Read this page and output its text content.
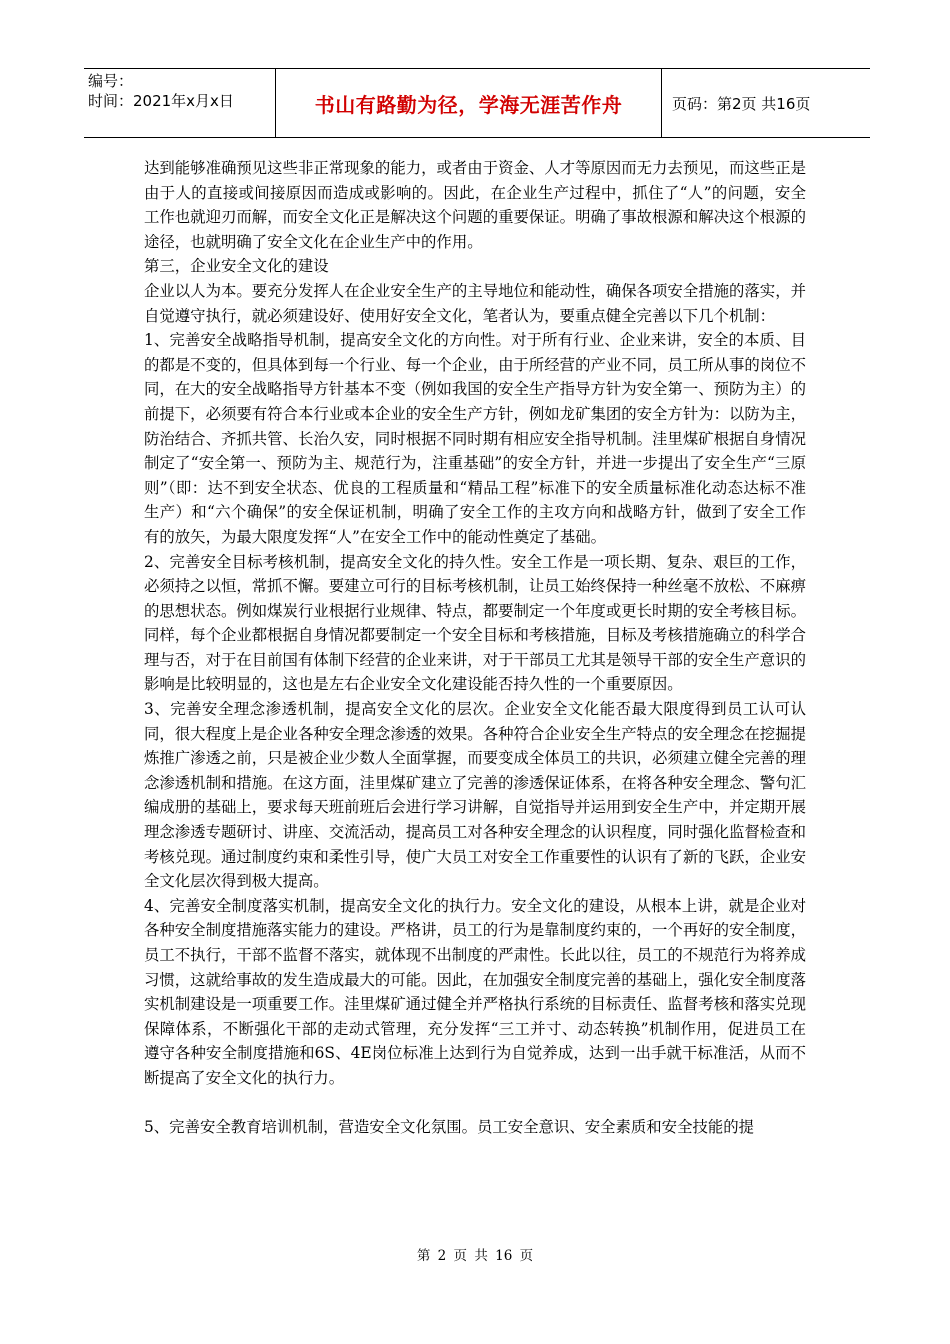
编号：
时间：2021年x月x日	书山有路勤为径，学海无涯苦作舟	页码：第2页 共16页

达到能够准确预见这些非正常现象的能力，或者由于资金、人才等原因而无力去预见，而这些正是由于人的直接或间接原因而造成或影响的。因此，在企业生产过程中，抓住了“人”的问题，安全工作也就迎刃而解，而安全文化正是解决这个问题的重要保证。明确了事故根源和解决这个根源的途径，也就明确了安全文化在企业生产中的作用。

第三，企业安全文化的建设

企业以人为本。要充分发挥人在企业安全生产的主导地位和能动性，确保各项安全措施的落实，并自觉遵守执行，就必须建设好、使用好安全文化，笔者认为，要重点健全完善以下几个机制：

1、完善安全战略指导机制，提高安全文化的方向性。对于所有行业、企业来讲，安全的本质、目的都是不变的，但具体到每一个行业、每一个企业，由于所经营的产业不同，员工所从事的岗位不同，在大的安全战略指导方针基本不变（例如我国的安全生产指导方针为安全第一、预防为主）的前提下，必须要有符合本行业或本企业的安全生产方针，例如龙矿集团的安全方针为：以防为主，防治结合、齐抓共管、长治久安，同时根据不同时期有相应安全指导机制。洼里煤矿根据自身情况制定了“安全第一、预防为主、规范行为，注重基础”的安全方针，并进一步提出了安全生产“三原则”（即：达不到安全状态、优良的工程质量和“精品工程”标准下的安全质量标准化动态达标不准生产）和“六个确保”的安全保证机制，明确了安全工作的主攻方向和战略方针，做到了安全工作有的放矢，为最大限度发挥“人”在安全工作中的能动性奠定了基础。

2、完善安全目标考核机制，提高安全文化的持久性。安全工作是一项长期、复杂、艰巨的工作，必须持之以恒，常抓不懈。要建立可行的目标考核机制，让员工始终保持一种丝毫不放松、不麻痹的思想状态。例如煤炭行业根据行业规律、特点，都要制定一个年度或更长时期的安全考核目标。同样，每个企业都根据自身情况都要制定一个安全目标和考核措施，目标及考核措施确立的科学合理与否，对于在目前国有体制下经营的企业来讲，对于干部员工尤其是领导干部的安全生产意识的影响是比较明显的，这也是左右企业安全文化建设能否持久性的一个重要原因。

3、完善安全理念渗透机制，提高安全文化的层次。企业安全文化能否最大限度得到员工认可认同，很大程度上是企业各种安全理念渗透的效果。各种符合企业安全生产特点的安全理念在挖掘提炼推广渗透之前，只是被企业少数人全面掌握，而要变成全体员工的共识，必须建立健全完善的理念渗透机制和措施。在这方面，洼里煤矿建立了完善的渗透保证体系，在将各种安全理念、警句汇编成册的基础上，要求每天班前班后会进行学习讲解，自觉指导并运用到安全生产中，并定期开展理念渗透专题研讨、讲座、交流活动，提高员工对各种安全理念的认识程度，同时强化监督检查和考核兑现。通过制度约束和柔性引导，使广大员工对安全工作重要性的认识有了新的飞跃，企业安全文化层次得到极大提高。

4、完善安全制度落实机制，提高安全文化的执行力。安全文化的建设，从根本上讲，就是企业对各种安全制度措施落实能力的建设。严格讲，员工的行为是靠制度约束的，一个再好的安全制度，员工不执行，干部不监督不落实，就体现不出制度的严肃性。长此以往，员工的不规范行为将养成习惯，这就给事故的发生造成最大的可能。因此，在加强安全制度完善的基础上，强化安全制度落实机制建设是一项重要工作。洼里煤矿通过健全并严格执行系统的目标责任、监督考核和落实兑现保障体系，不断强化干部的走动式管理，充分发挥“三工并寸、动态转换”机制作用，促进员工在遵守各种安全制度措施和6S、4E岗位标准上达到行为自觉养成，达到一出手就干标准活，从而不断提高了安全文化的执行力。

5、完善安全教育培训机制，营造安全文化氛围。员工安全意识、安全素质和安全技能的提

第 2 页 共 16 页
